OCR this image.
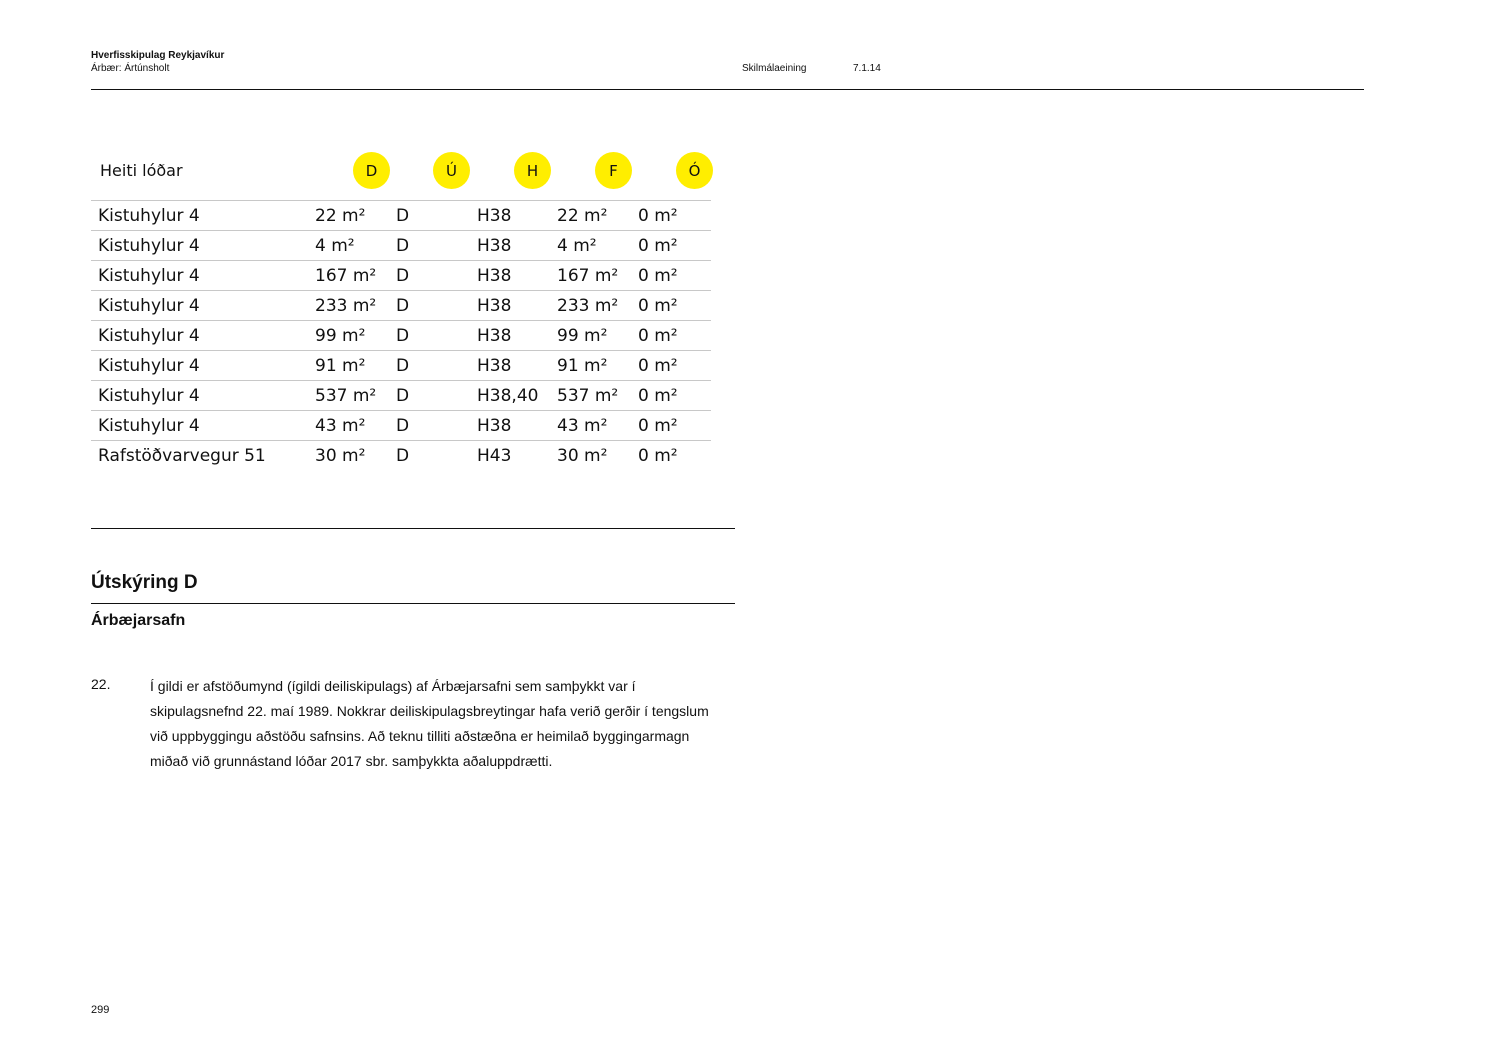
Hverfisskipulag Reykjavíkur
Árbær: Ártúnsholt	Skilmálaeining	7.1.14
Heiti lóðar	D	Ú	H	F	Ó
Kistuhylur 4	22 m² D	H38	22 m² 0 m²
Kistuhylur 4	4 m² D	H38	4 m² 0 m²
Kistuhylur 4	167 m² D	H38	167 m² 0 m²
Kistuhylur 4	233 m² D	H38	233 m² 0 m²
Kistuhylur 4	99 m² D	H38	99 m² 0 m²
Kistuhylur 4	91 m² D	H38	91 m² 0 m²
Kistuhylur 4	537 m² D	H38,40 537 m² 0 m²
Kistuhylur 4	43 m² D	H38	43 m² 0 m²
Rafstöðvarvegur 51	30 m² D	H43	30 m² 0 m²
Útskýring D
Árbæjarsafn
22.	Í gildi er afstöðumynd (ígildi deiliskipulags) af Árbæjarsafni sem samþykkt var í skipulagsnefnd 22. maí 1989. Nokkrar deiliskipulagsbreytingar hafa verið gerðir í tengslum við uppbyggingu aðstöðu safnsins. Að teknu tilliti aðstæðna er heimilað byggingarmagn miðað við grunnástand lóðar 2017 sbr. samþykkta aðaluppdrætti.
299
